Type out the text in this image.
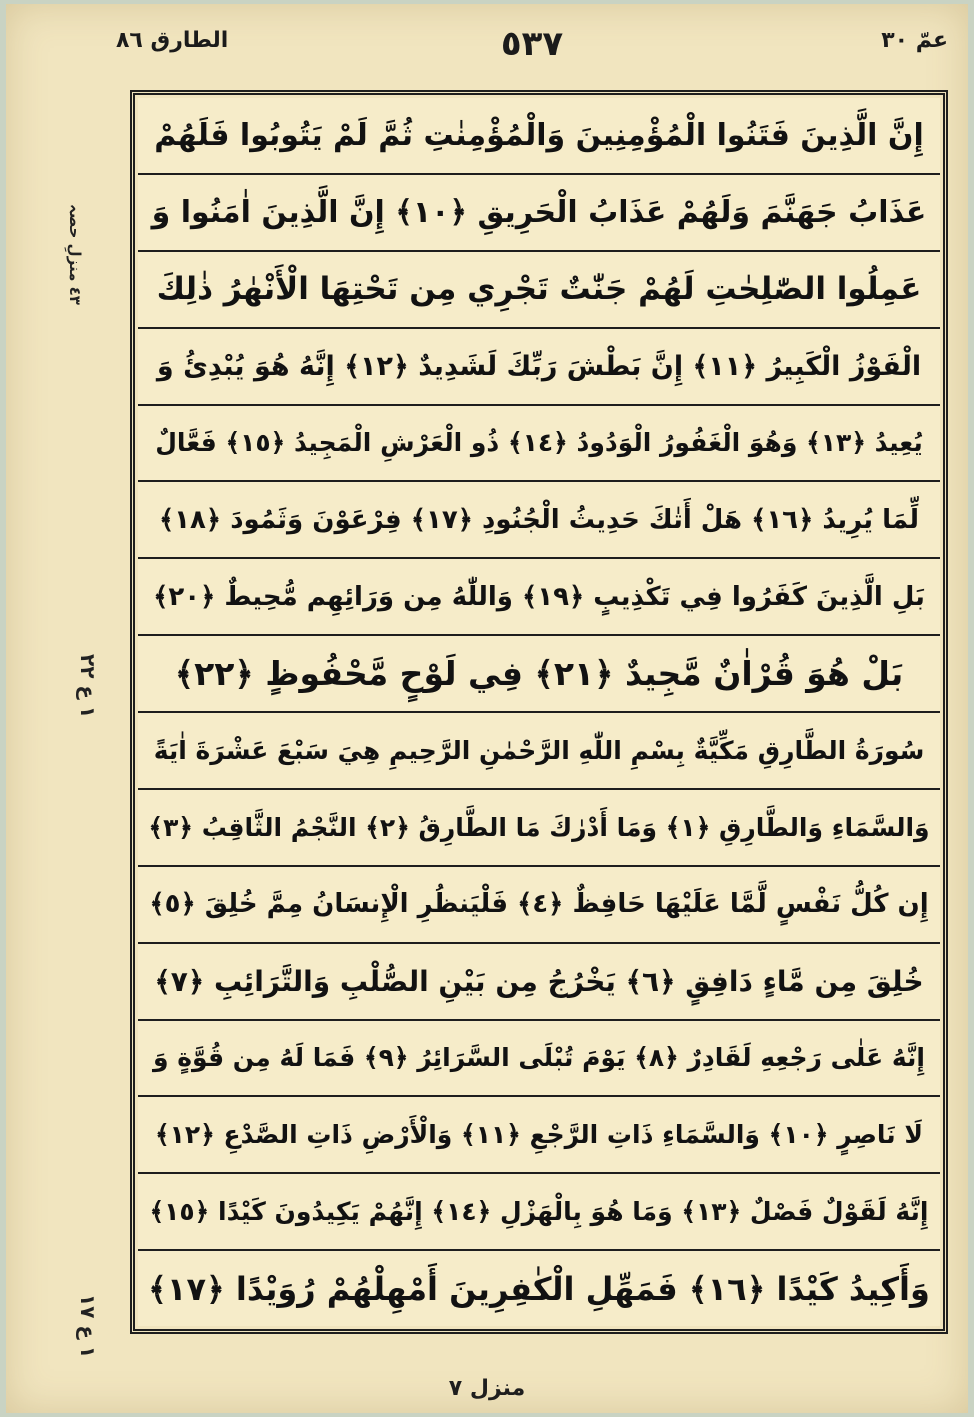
الطارق ٨٦	٥٣٧	عمّ ٣٠
٤٣ منزلِ حصہ
١ ع ٢٢
١ ع ١٧
إِنَّ الَّذِينَ فَتَنُوا الْمُؤْمِنِينَ وَالْمُؤْمِنٰتِ ثُمَّ لَمْ يَتُوبُوا فَلَهُمْ
عَذَابُ جَهَنَّمَ وَلَهُمْ عَذَابُ الْحَرِيقِ ﴿١٠﴾ إِنَّ الَّذِينَ اٰمَنُوا وَ
عَمِلُوا الصّٰلِحٰتِ لَهُمْ جَنّٰتٌ تَجْرِي مِن تَحْتِهَا الْأَنْهٰرُ ذٰلِكَ
الْفَوْزُ الْكَبِيرُ ﴿١١﴾ إِنَّ بَطْشَ رَبِّكَ لَشَدِيدٌ ﴿١٢﴾ إِنَّهُ هُوَ يُبْدِئُ وَ
يُعِيدُ ﴿١٣﴾ وَهُوَ الْغَفُورُ الْوَدُودُ ﴿١٤﴾ ذُو الْعَرْشِ الْمَجِيدُ ﴿١٥﴾ فَعَّالٌ
لِّمَا يُرِيدُ ﴿١٦﴾ هَلْ أَتٰكَ حَدِيثُ الْجُنُودِ ﴿١٧﴾ فِرْعَوْنَ وَثَمُودَ ﴿١٨﴾
بَلِ الَّذِينَ كَفَرُوا فِي تَكْذِيبٍ ﴿١٩﴾ وَاللّٰهُ مِن وَرَائِهِم مُّحِيطٌ ﴿٢٠﴾
بَلْ هُوَ قُرْاٰنٌ مَّجِيدٌ ﴿٢١﴾ فِي لَوْحٍ مَّحْفُوظٍ ﴿٢٢﴾
سُورَةُ الطَّارِقِ مَكِّيَّةٌ بِسْمِ اللّٰهِ الرَّحْمٰنِ الرَّحِيمِ هِيَ سَبْعَ عَشْرَةَ اٰيَةً
وَالسَّمَاءِ وَالطَّارِقِ ﴿١﴾ وَمَا أَدْرٰكَ مَا الطَّارِقُ ﴿٢﴾ النَّجْمُ الثَّاقِبُ ﴿٣﴾
إِن كُلُّ نَفْسٍ لَّمَّا عَلَيْهَا حَافِظٌ ﴿٤﴾ فَلْيَنظُرِ الْإِنسَانُ مِمَّ خُلِقَ ﴿٥﴾
خُلِقَ مِن مَّاءٍ دَافِقٍ ﴿٦﴾ يَخْرُجُ مِن بَيْنِ الصُّلْبِ وَالتَّرَائِبِ ﴿٧﴾
إِنَّهُ عَلٰى رَجْعِهِ لَقَادِرٌ ﴿٨﴾ يَوْمَ تُبْلَى السَّرَائِرُ ﴿٩﴾ فَمَا لَهُ مِن قُوَّةٍ وَ
لَا نَاصِرٍ ﴿١٠﴾ وَالسَّمَاءِ ذَاتِ الرَّجْعِ ﴿١١﴾ وَالْأَرْضِ ذَاتِ الصَّدْعِ ﴿١٢﴾
إِنَّهُ لَقَوْلٌ فَصْلٌ ﴿١٣﴾ وَمَا هُوَ بِالْهَزْلِ ﴿١٤﴾ إِنَّهُمْ يَكِيدُونَ كَيْدًا ﴿١٥﴾
وَأَكِيدُ كَيْدًا ﴿١٦﴾ فَمَهِّلِ الْكٰفِرِينَ أَمْهِلْهُمْ رُوَيْدًا ﴿١٧﴾
منزل ٧
